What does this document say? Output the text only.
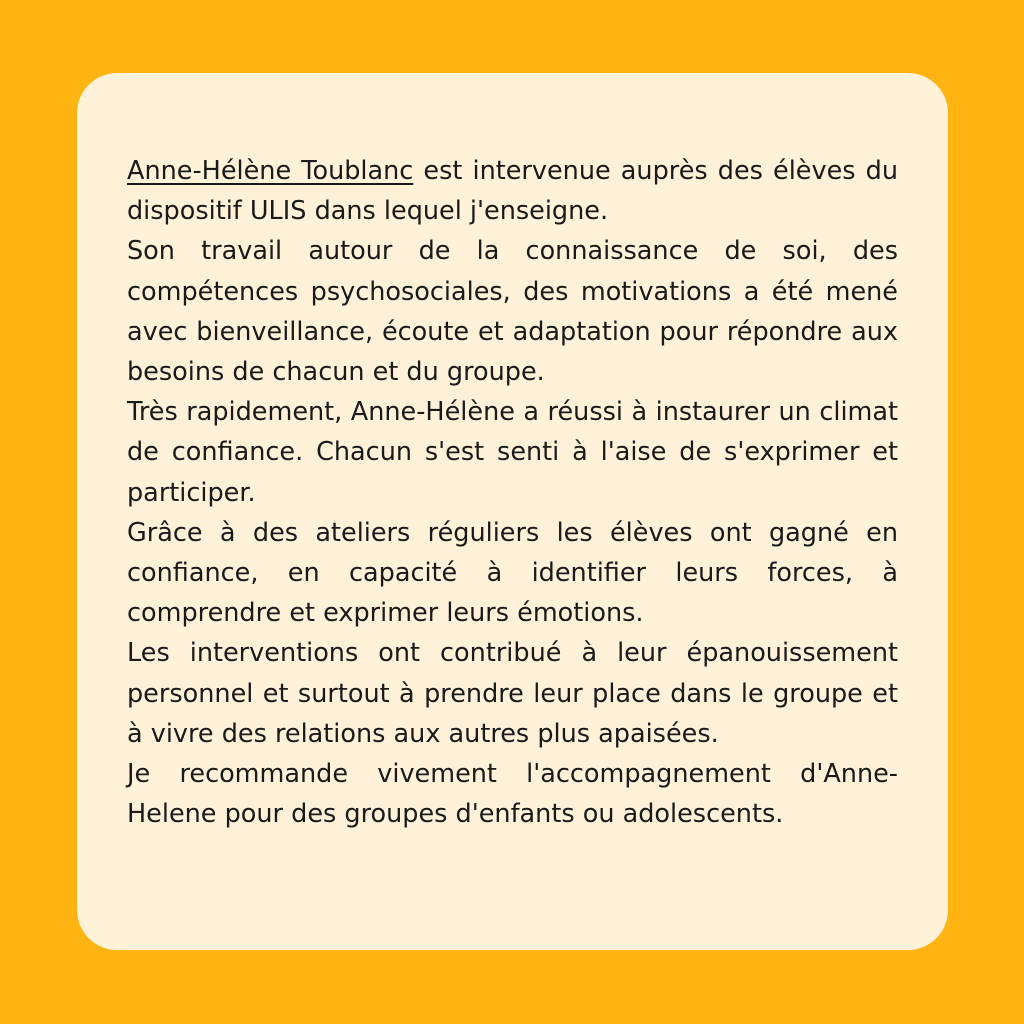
Anne-Hélène Toublanc est intervenue auprès des élèves du dispositif ULIS dans lequel j'enseigne.

Son travail autour de la connaissance de soi, des compétences psychosociales, des motivations a été mené avec bienveillance, écoute et adaptation pour répondre aux besoins de chacun et du groupe.

Très rapidement, Anne-Hélène a réussi à instaurer un climat de confiance. Chacun s'est senti à l'aise de s'exprimer et participer.

Grâce à des ateliers réguliers les élèves ont gagné en confiance, en capacité à identifier leurs forces, à comprendre et exprimer leurs émotions.

Les interventions ont contribué à leur épanouissement personnel et surtout à prendre leur place dans le groupe et à vivre des relations aux autres plus apaisées.

Je recommande vivement l'accompagnement d'Anne-Helene pour des groupes d'enfants ou adolescents.
